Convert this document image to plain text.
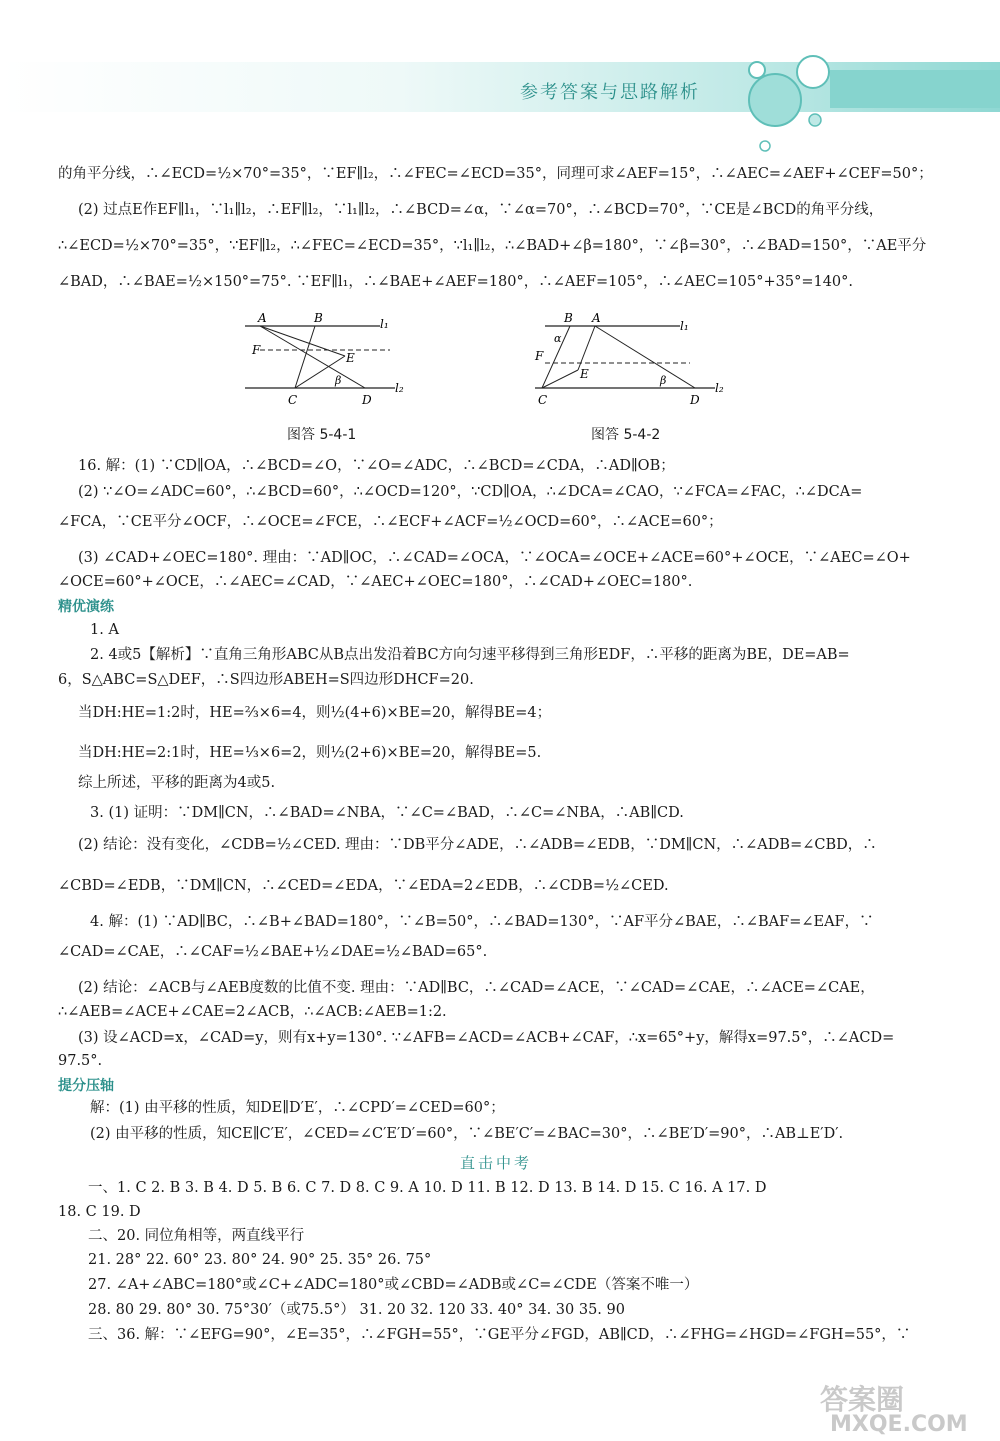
参考答案与思路解析
的角平分线，∴∠ECD=½×70°=35°，∵EF∥l₂，∴∠FEC=∠ECD=35°，同理可求∠AEF=15°，∴∠AEC=∠AEF+∠CEF=50°；
(2) 过点E作EF∥l₁，∵l₁∥l₂，∴EF∥l₂，∵l₁∥l₂，∴∠BCD=∠α，∵∠α=70°，∴∠BCD=70°，∵CE是∠BCD的角平分线，
∴∠ECD=½×70°=35°，∵EF∥l₂，∴∠FEC=∠ECD=35°，∵l₁∥l₂，∴∠BAD+∠β=180°，∵∠β=30°，∴∠BAD=150°，∵AE平分
∠BAD，∴∠BAE=½×150°=75°. ∵EF∥l₁，∴∠BAE+∠AEF=180°，∴∠AEF=105°，∴∠AEC=105°+35°=140°.
A	B	l₁
F
E
β
l₂
C	D
图答 5-4-1
B A
l₁
α
F
E	β
l₂
C	D
图答 5-4-2
16. 解：(1) ∵CD∥OA，∴∠BCD=∠O，∵∠O=∠ADC，∴∠BCD=∠CDA，∴AD∥OB；
(2) ∵∠O=∠ADC=60°，∴∠BCD=60°，∴∠OCD=120°，∵CD∥OA，∴∠DCA=∠CAO，∵∠FCA=∠FAC，∴∠DCA=
∠FCA，∵CE平分∠OCF，∴∠OCE=∠FCE，∴∠ECF+∠ACF=½∠OCD=60°，∴∠ACE=60°；
(3) ∠CAD+∠OEC=180°. 理由：∵AD∥OC，∴∠CAD=∠OCA，∵∠OCA=∠OCE+∠ACE=60°+∠OCE，∵∠AEC=∠O+
∠OCE=60°+∠OCE，∴∠AEC=∠CAD，∵∠AEC+∠OEC=180°，∴∠CAD+∠OEC=180°.
精优演练
1. A
2. 4或5【解析】∵直角三角形ABC从B点出发沿着BC方向匀速平移得到三角形EDF，∴平移的距离为BE，DE=AB=
6，S△ABC=S△DEF，∴S四边形ABEH=S四边形DHCF=20.
当DH:HE=1:2时，HE=⅔×6=4，则½(4+6)×BE=20，解得BE=4；
当DH:HE=2:1时，HE=⅓×6=2，则½(2+6)×BE=20，解得BE=5.
综上所述，平移的距离为4或5.
3. (1) 证明：∵DM∥CN，∴∠BAD=∠NBA，∵∠C=∠BAD，∴∠C=∠NBA，∴AB∥CD.
(2) 结论：没有变化，∠CDB=½∠CED. 理由：∵DB平分∠ADE，∴∠ADB=∠EDB，∵DM∥CN，∴∠ADB=∠CBD，∴
∠CBD=∠EDB，∵DM∥CN，∴∠CED=∠EDA，∵∠EDA=2∠EDB，∴∠CDB=½∠CED.
4. 解：(1) ∵AD∥BC，∴∠B+∠BAD=180°，∵∠B=50°，∴∠BAD=130°，∵AF平分∠BAE，∴∠BAF=∠EAF，∵
∠CAD=∠CAE，∴∠CAF=½∠BAE+½∠DAE=½∠BAD=65°.
(2) 结论：∠ACB与∠AEB度数的比值不变. 理由：∵AD∥BC，∴∠CAD=∠ACE，∵∠CAD=∠CAE，∴∠ACE=∠CAE，
∴∠AEB=∠ACE+∠CAE=2∠ACB，∴∠ACB:∠AEB=1:2.
(3) 设∠ACD=x，∠CAD=y，则有x+y=130°. ∵∠AFB=∠ACD=∠ACB+∠CAF，∴x=65°+y，解得x=97.5°，∴∠ACD=
97.5°.
提分压轴
解：(1) 由平移的性质，知DE∥D′E′，∴∠CPD′=∠CED=60°；
(2) 由平移的性质，知CE∥C′E′，∠CED=∠C′E′D′=60°，∵∠BE′C′=∠BAC=30°，∴∠BE′D′=90°，∴AB⊥E′D′.
直击中考
一、1. C 2. B 3. B 4. D 5. B 6. C 7. D 8. C 9. A 10. D 11. B 12. D 13. B 14. D 15. C 16. A 17. D
18. C 19. D
二、20. 同位角相等，两直线平行
21. 28° 22. 60° 23. 80° 24. 90° 25. 35° 26. 75°
27. ∠A+∠ABC=180°或∠C+∠ADC=180°或∠CBD=∠ADB或∠C=∠CDE（答案不唯一）
28. 80 29. 80° 30. 75°30′（或75.5°） 31. 20 32. 120 33. 40° 34. 30 35. 90
三、36. 解：∵∠EFG=90°，∠E=35°，∴∠FGH=55°，∵GE平分∠FGD，AB∥CD，∴∠FHG=∠HGD=∠FGH=55°，∵
答案圈
MXQE.COM
